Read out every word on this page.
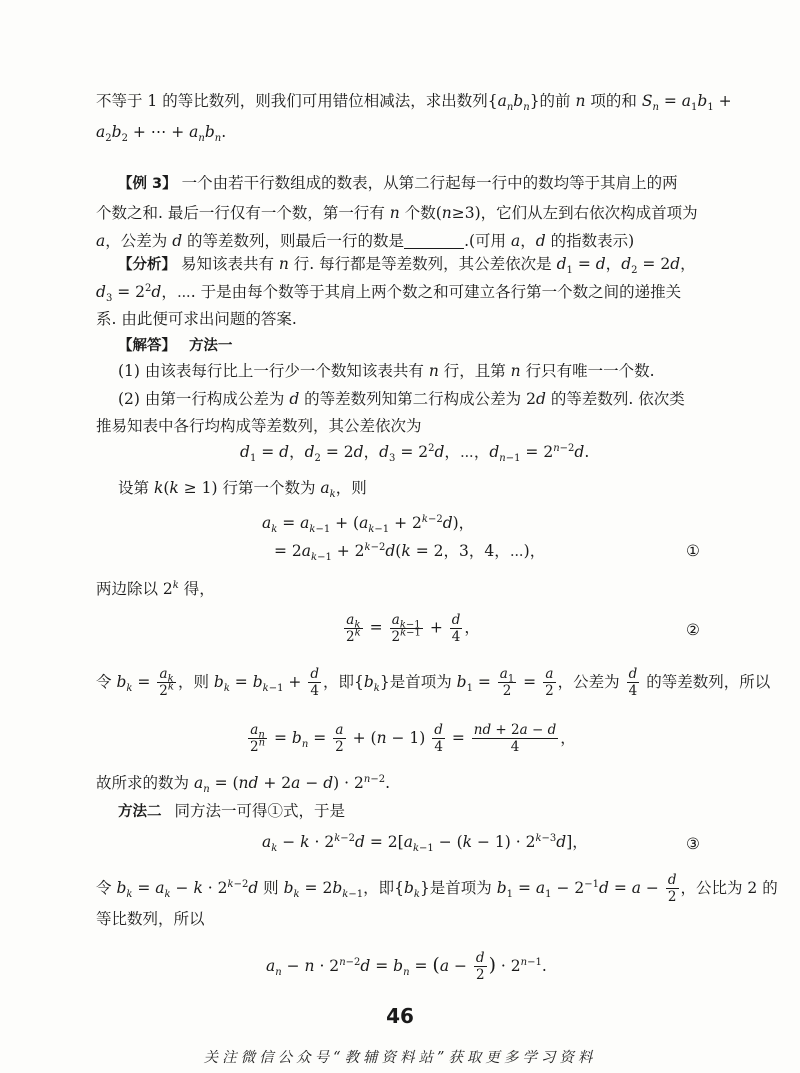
不等于 1 的等比数列，则我们可用错位相减法，求出数列$\{a_nb_n\}$的前 n 项的和 $S_n = a_1b_1$ +

$a_2b_2$ + ⋯ + $a_nb_n$.

【例 3】 一个由若干行数组成的数表，从第二行起每一行中的数均等于其肩上的两

个数之和. 最后一行仅有一个数，第一行有 n 个数(n≥3)，它们从左到右依次构成首项为

a，公差为 d 的等差数列，则最后一行的数是	.(可用 a，d 的指数表示)

【分析】 易知该表共有 n 行. 每行都是等差数列，其公差依次是 $d_1 = d$，$d_2 = 2d$，

$d_3 = 2^2d$，⋯. 于是由每个数等于其肩上两个数之和可建立各行第一个数之间的递推关

系. 由此便可求出问题的答案.

【解答】 方法一

(1) 由该表每行比上一行少一个数知该表共有 n 行，且第 n 行只有唯一一个数.

(2) 由第一行构成公差为 d 的等差数列知第二行构成公差为 2d 的等差数列. 依次类

推易知表中各行均构成等差数列，其公差依次为

$d_1 = d$，$d_2 = 2d$，$d_3 = 2^2d$，⋯，$d_{n-1} = 2^{n-2}d$.

设第 k(k ≥ 1) 行第一个数为 $a_k$，则

$a_k = a_{k-1} + (a_{k-1} + 2^{k-2}d)$，
= $2a_{k-1} + 2^{k-2}d(k = 2$，3，4，⋯)，	①

两边除以 2$^k$ 得，

$\frac{a_k}{2^k} = \frac{a_{k-1}}{2^{k-1}} + \frac{d}{4}$ ，	②

令 $b_k = \frac{a_k}{2^k}$ ，则 $b_k = b_{k-1} + \frac{d}{4}$ ，即$\{b_k\}$是首项为 $b_1 = \frac{a_1}{2} = \frac{a}{2}$ ，公差为 $\frac{d}{4}$ 的等差数列，所以

$\frac{a_n}{2^n} = b_n = \frac{a}{2} + (n - 1) \frac{d}{4} = \frac{nd + 2a - d}{4}$ ，

故所求的数为 $a_n = (nd + 2a - d) \cdot 2^{n-2}$.

方法二 同方法一可得①式，于是

$a_k - k \cdot 2^{k-2}d = 2[a_{k-1} - (k - 1) \cdot 2^{k-3}d]$，	③

令 $b_k = a_k - k \cdot 2^{k-2}d$ 则 $b_k = 2b_{k-1}$，即$\{b_k\}$是首项为 $b_1 = a_1 - 2^{-1}d = a - \frac{d}{2}$ ，公比为 2 的

等比数列，所以

$a_n - n \cdot 2^{n-2}d = b_n = (a - \frac{d}{2}$ ) · $2^{n-1}$.
46
关注微信公众号“教辅资料站”获取更多学习资料
